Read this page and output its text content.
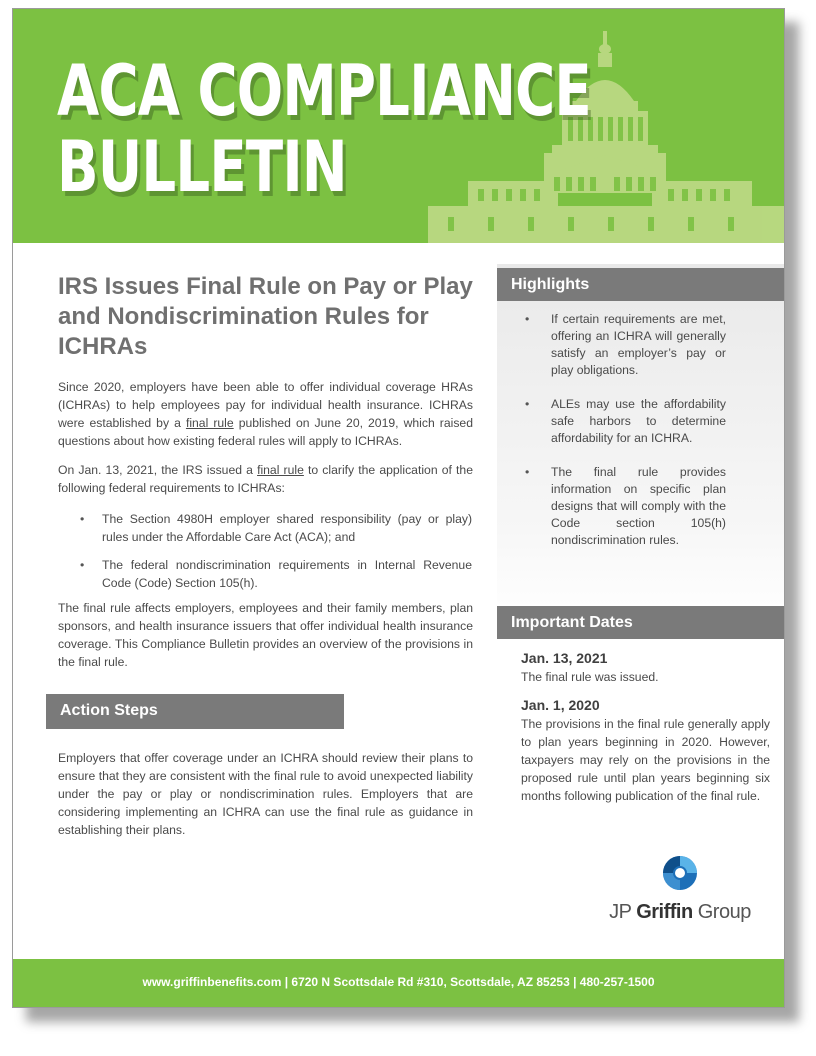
ACA COMPLIANCE
BULLETIN
IRS Issues Final Rule on Pay or Play and Nondiscrimination Rules for ICHRAs
Since 2020, employers have been able to offer individual coverage HRAs (ICHRAs) to help employees pay for individual health insurance. ICHRAs were established by a final rule published on June 20, 2019, which raised questions about how existing federal rules will apply to ICHRAs.
On Jan. 13, 2021, the IRS issued a final rule to clarify the application of the following federal requirements to ICHRAs:
• The Section 4980H employer shared responsibility (pay or play) rules under the Affordable Care Act (ACA); and
• The federal nondiscrimination requirements in Internal Revenue Code (Code) Section 105(h).
The final rule affects employers, employees and their family members, plan sponsors, and health insurance issuers that offer individual health insurance coverage. This Compliance Bulletin provides an overview of the provisions in the final rule.
Action Steps
Employers that offer coverage under an ICHRA should review their plans to ensure that they are consistent with the final rule to avoid unexpected liability under the pay or play or nondiscrimination rules. Employers that are considering implementing an ICHRA can use the final rule as guidance in establishing their plans.
Highlights
• If certain requirements are met, offering an ICHRA will generally satisfy an employer’s pay or play obligations.
• ALEs may use the affordability safe harbors to determine affordability for an ICHRA.
• The final rule provides information on specific plan designs that will comply with the Code section 105(h) nondiscrimination rules.
Important Dates
Jan. 13, 2021
The final rule was issued.
Jan. 1, 2020
The provisions in the final rule generally apply to plan years beginning in 2020. However, taxpayers may rely on the provisions in the proposed rule until plan years beginning six months following publication of the final rule.
JP Griffin Group
www.griffinbenefits.com | 6720 N Scottsdale Rd #310, Scottsdale, AZ 85253 | 480-257-1500
